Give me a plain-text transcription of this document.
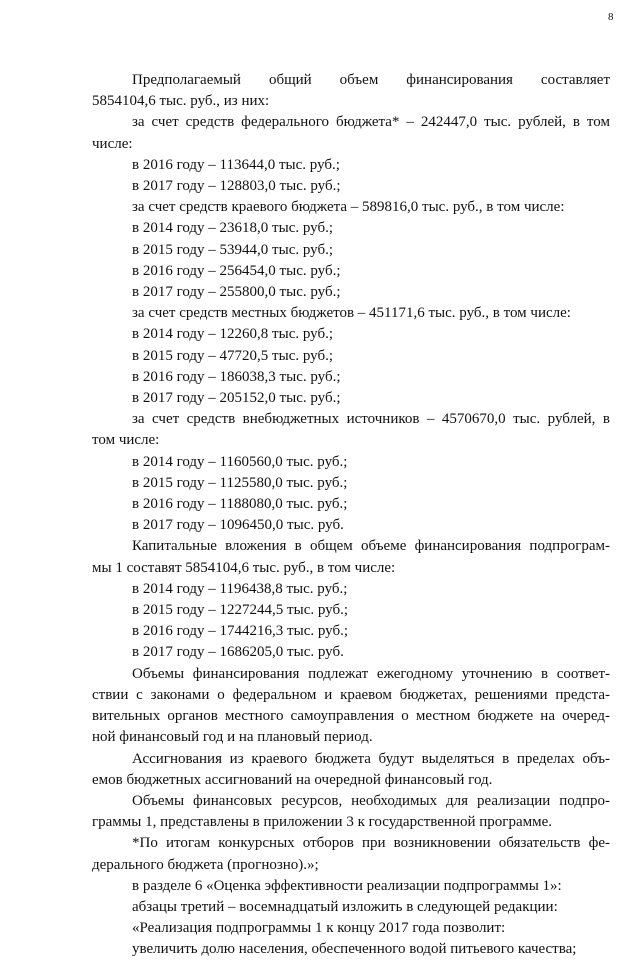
8
Предполагаемый общий объем финансирования составляет
5854104,6 тыс. руб., из них:
за счет средств федерального бюджета* – 242447,0 тыс. рублей, в том
числе:
в 2016 году – 113644,0 тыс. руб.;
в 2017 году – 128803,0 тыс. руб.;
за счет средств краевого бюджета – 589816,0 тыс. руб., в том числе:
в 2014 году – 23618,0 тыс. руб.;
в 2015 году – 53944,0 тыс. руб.;
в 2016 году – 256454,0 тыс. руб.;
в 2017 году – 255800,0 тыс. руб.;
за счет средств местных бюджетов – 451171,6 тыс. руб., в том числе:
в 2014 году – 12260,8 тыс. руб.;
в 2015 году – 47720,5 тыс. руб.;
в 2016 году – 186038,3 тыс. руб.;
в 2017 году – 205152,0 тыс. руб.;
за счет средств внебюджетных источников – 4570670,0 тыс. рублей, в
том числе:
в 2014 году – 1160560,0 тыс. руб.;
в 2015 году – 1125580,0 тыс. руб.;
в 2016 году – 1188080,0 тыс. руб.;
в 2017 году – 1096450,0 тыс. руб.
Капитальные вложения в общем объеме финансирования подпрограм-
мы 1 составят 5854104,6 тыс. руб., в том числе:
в 2014 году – 1196438,8 тыс. руб.;
в 2015 году – 1227244,5 тыс. руб.;
в 2016 году – 1744216,3 тыс. руб.;
в 2017 году – 1686205,0 тыс. руб.
Объемы финансирования подлежат ежегодному уточнению в соответ-
ствии с законами о федеральном и краевом бюджетах, решениями предста-
вительных органов местного самоуправления о местном бюджете на очеред-
ной финансовый год и на плановый период.
Ассигнования из краевого бюджета будут выделяться в пределах объ-
емов бюджетных ассигнований на очередной финансовый год.
Объемы финансовых ресурсов, необходимых для реализации подпро-
граммы 1, представлены в приложении 3 к государственной программе.
*По итогам конкурсных отборов при возникновении обязательств фе-
дерального бюджета (прогнозно).»;
в разделе 6 «Оценка эффективности реализации подпрограммы 1»:
абзацы третий – восемнадцатый изложить в следующей редакции:
«Реализация подпрограммы 1 к концу 2017 года позволит:
увеличить долю населения, обеспеченного водой питьевого качества;
